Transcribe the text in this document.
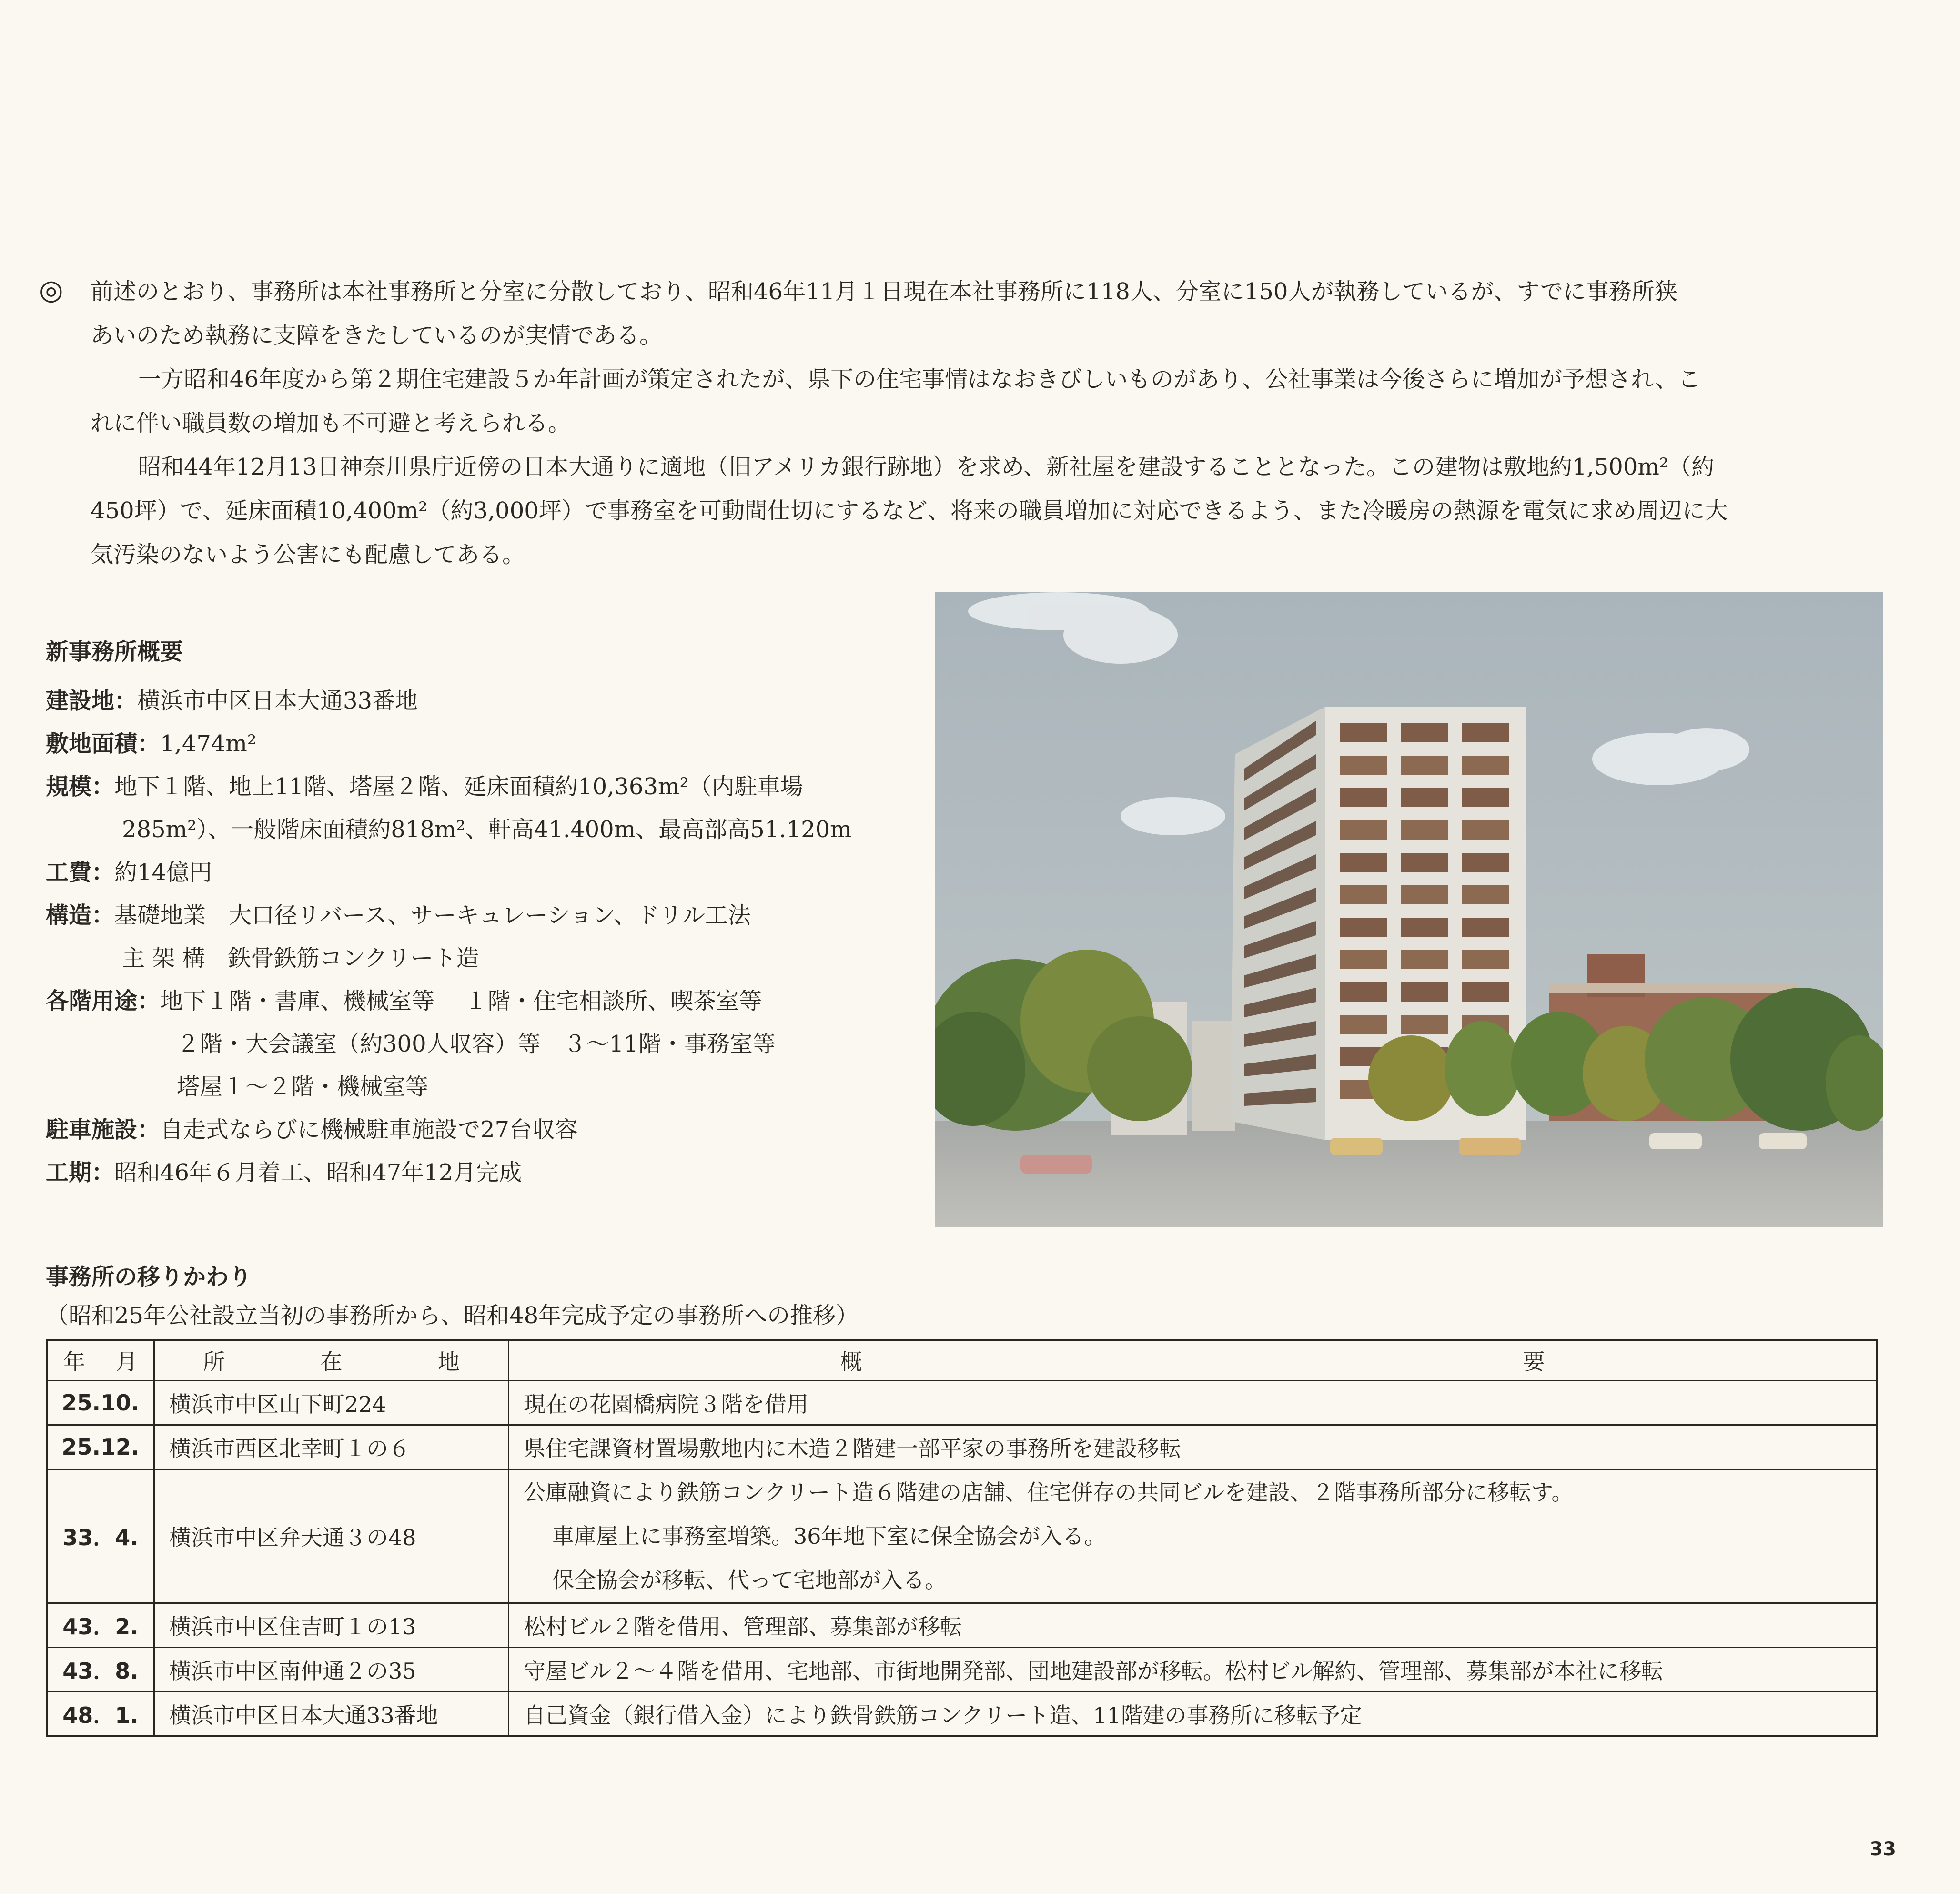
◎	前述のとおり、事務所は本社事務所と分室に分散しており、昭和46年11月１日現在本社事務所に118人、分室に150人が執務しているが、すでに事務所狭

あいのため執務に支障をきたしているのが実情である。

一方昭和46年度から第２期住宅建設５か年計画が策定されたが、県下の住宅事情はなおきびしいものがあり、公社事業は今後さらに増加が予想され、こ

れに伴い職員数の増加も不可避と考えられる。

昭和44年12月13日神奈川県庁近傍の日本大通りに適地（旧アメリカ銀行跡地）を求め、新社屋を建設することとなった。この建物は敷地約1,500m²（約

450坪）で、延床面積10,400m²（約3,000坪）で事務室を可動間仕切にするなど、将来の職員増加に対応できるよう、また冷暖房の熱源を電気に求め周辺に大

気汚染のないよう公害にも配慮してある。

新事務所概要
建設地： 横浜市中区日本大通33番地
敷地面積： 1,474m²
規模： 地下１階、地上11階、塔屋２階、延床面積約10,363m²（内駐車場
285m²）、一般階床面積約818m²、軒高41.400m、最高部高51.120m
工費： 約14億円
構造： 基礎地業　大口径リバース、サーキュレーション、ドリル工法
主 架 構　鉄骨鉄筋コンクリート造
各階用途： 地下１階・書庫、機械室等　 １階・住宅相談所、喫茶室等
２階・大会議室（約300人収容）等　３～11階・事務室等
塔屋１～２階・機械室等
駐車施設： 自走式ならびに機械駐車施設で27台収容
工期： 昭和46年６月着工、昭和47年12月完成
事務所の移りかわり
（昭和25年公社設立当初の事務所から、昭和48年完成予定の事務所への推移）
年 月	所 在 地	概 要

25.10.	横浜市中区山下町224	現在の花園橋病院３階を借用
25.12.	横浜市西区北幸町１の６	県住宅課資材置場敷地内に木造２階建一部平家の事務所を建設移転
33．4.	横浜市中区弁天通３の48	公庫融資により鉄筋コンクリート造６階建の店舗、住宅併存の共同ビルを建設、２階事務所部分に移転す。
車庫屋上に事務室増築。36年地下室に保全協会が入る。
保全協会が移転、代って宅地部が入る。

43．2.	横浜市中区住吉町１の13	松村ビル２階を借用、管理部、募集部が移転
43．8.	横浜市中区南仲通２の35	守屋ビル２～４階を借用、宅地部、市街地開発部、団地建設部が移転。松村ビル解約、管理部、募集部が本社に移転
48．1.	横浜市中区日本大通33番地	自己資金（銀行借入金）により鉄骨鉄筋コンクリート造、11階建の事務所に移転予定
33
